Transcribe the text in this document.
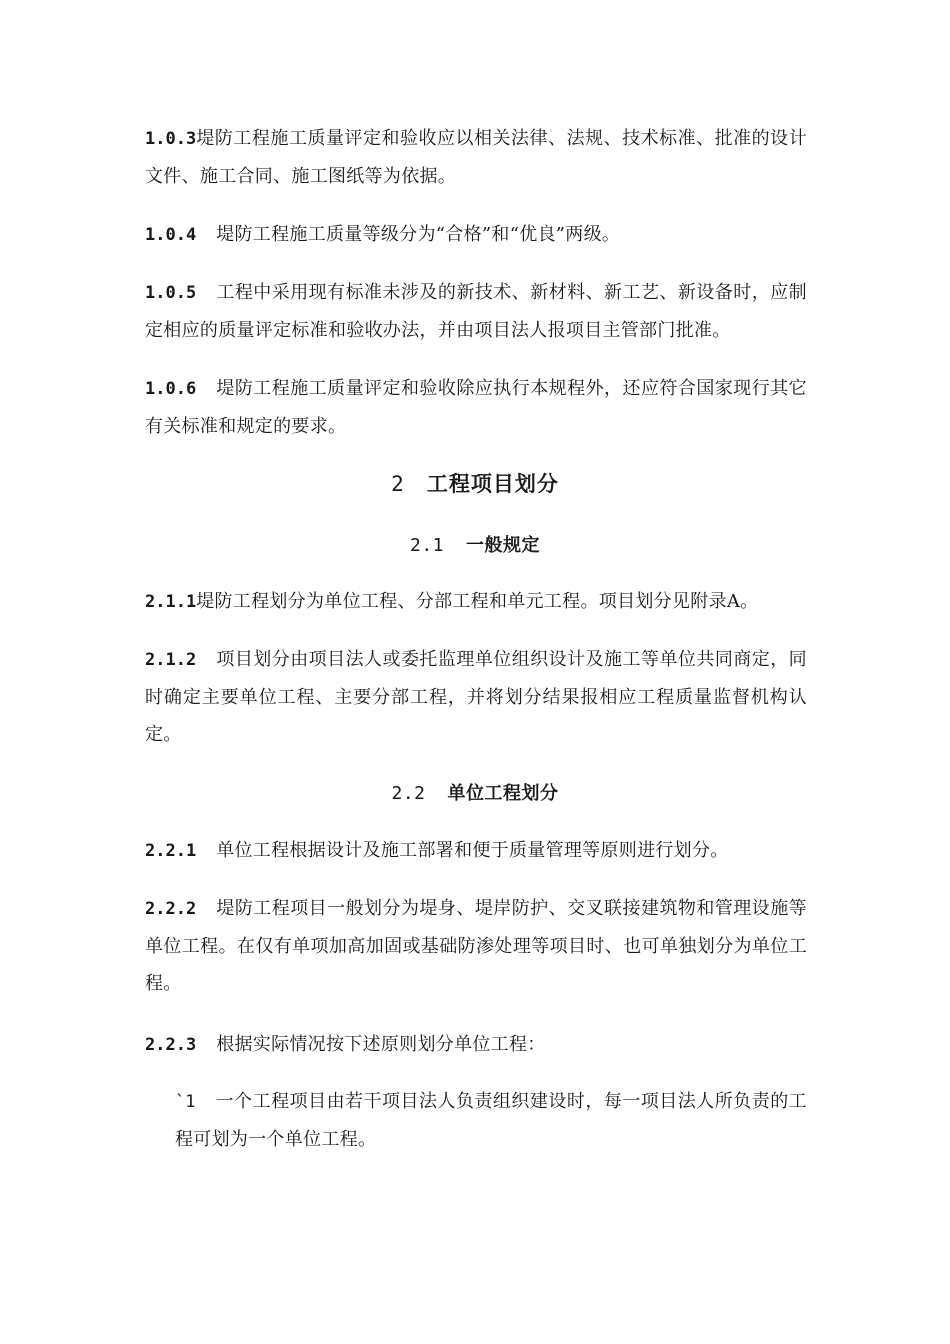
1.0.3堤防工程施工质量评定和验收应以相关法律、法规、技术标准、批准的设计文件、施工合同、施工图纸等为依据。

1.0.4 堤防工程施工质量等级分为“合格”和“优良”两级。

1.0.5 工程中采用现有标准未涉及的新技术、新材料、新工艺、新设备时，应制定相应的质量评定标准和验收办法，并由项目法人报项目主管部门批准。

1.0.6 堤防工程施工质量评定和验收除应执行本规程外，还应符合国家现行其它有关标准和规定的要求。

2 工程项目划分
2.1 一般规定

2.1.1堤防工程划分为单位工程、分部工程和单元工程。项目划分见附录A。

2.1.2 项目划分由项目法人或委托监理单位组织设计及施工等单位共同商定，同时确定主要单位工程、主要分部工程，并将划分结果报相应工程质量监督机构认定。

2.2 单位工程划分

2.2.1 单位工程根据设计及施工部署和便于质量管理等原则进行划分。

2.2.2 堤防工程项目一般划分为堤身、堤岸防护、交叉联接建筑物和管理设施等单位工程。在仅有单项加高加固或基础防渗处理等项目时、也可单独划分为单位工程。

2.2.3 根据实际情况按下述原则划分单位工程：

`1 一个工程项目由若干项目法人负责组织建设时，每一项目法人所负责的工程可划为一个单位工程。
